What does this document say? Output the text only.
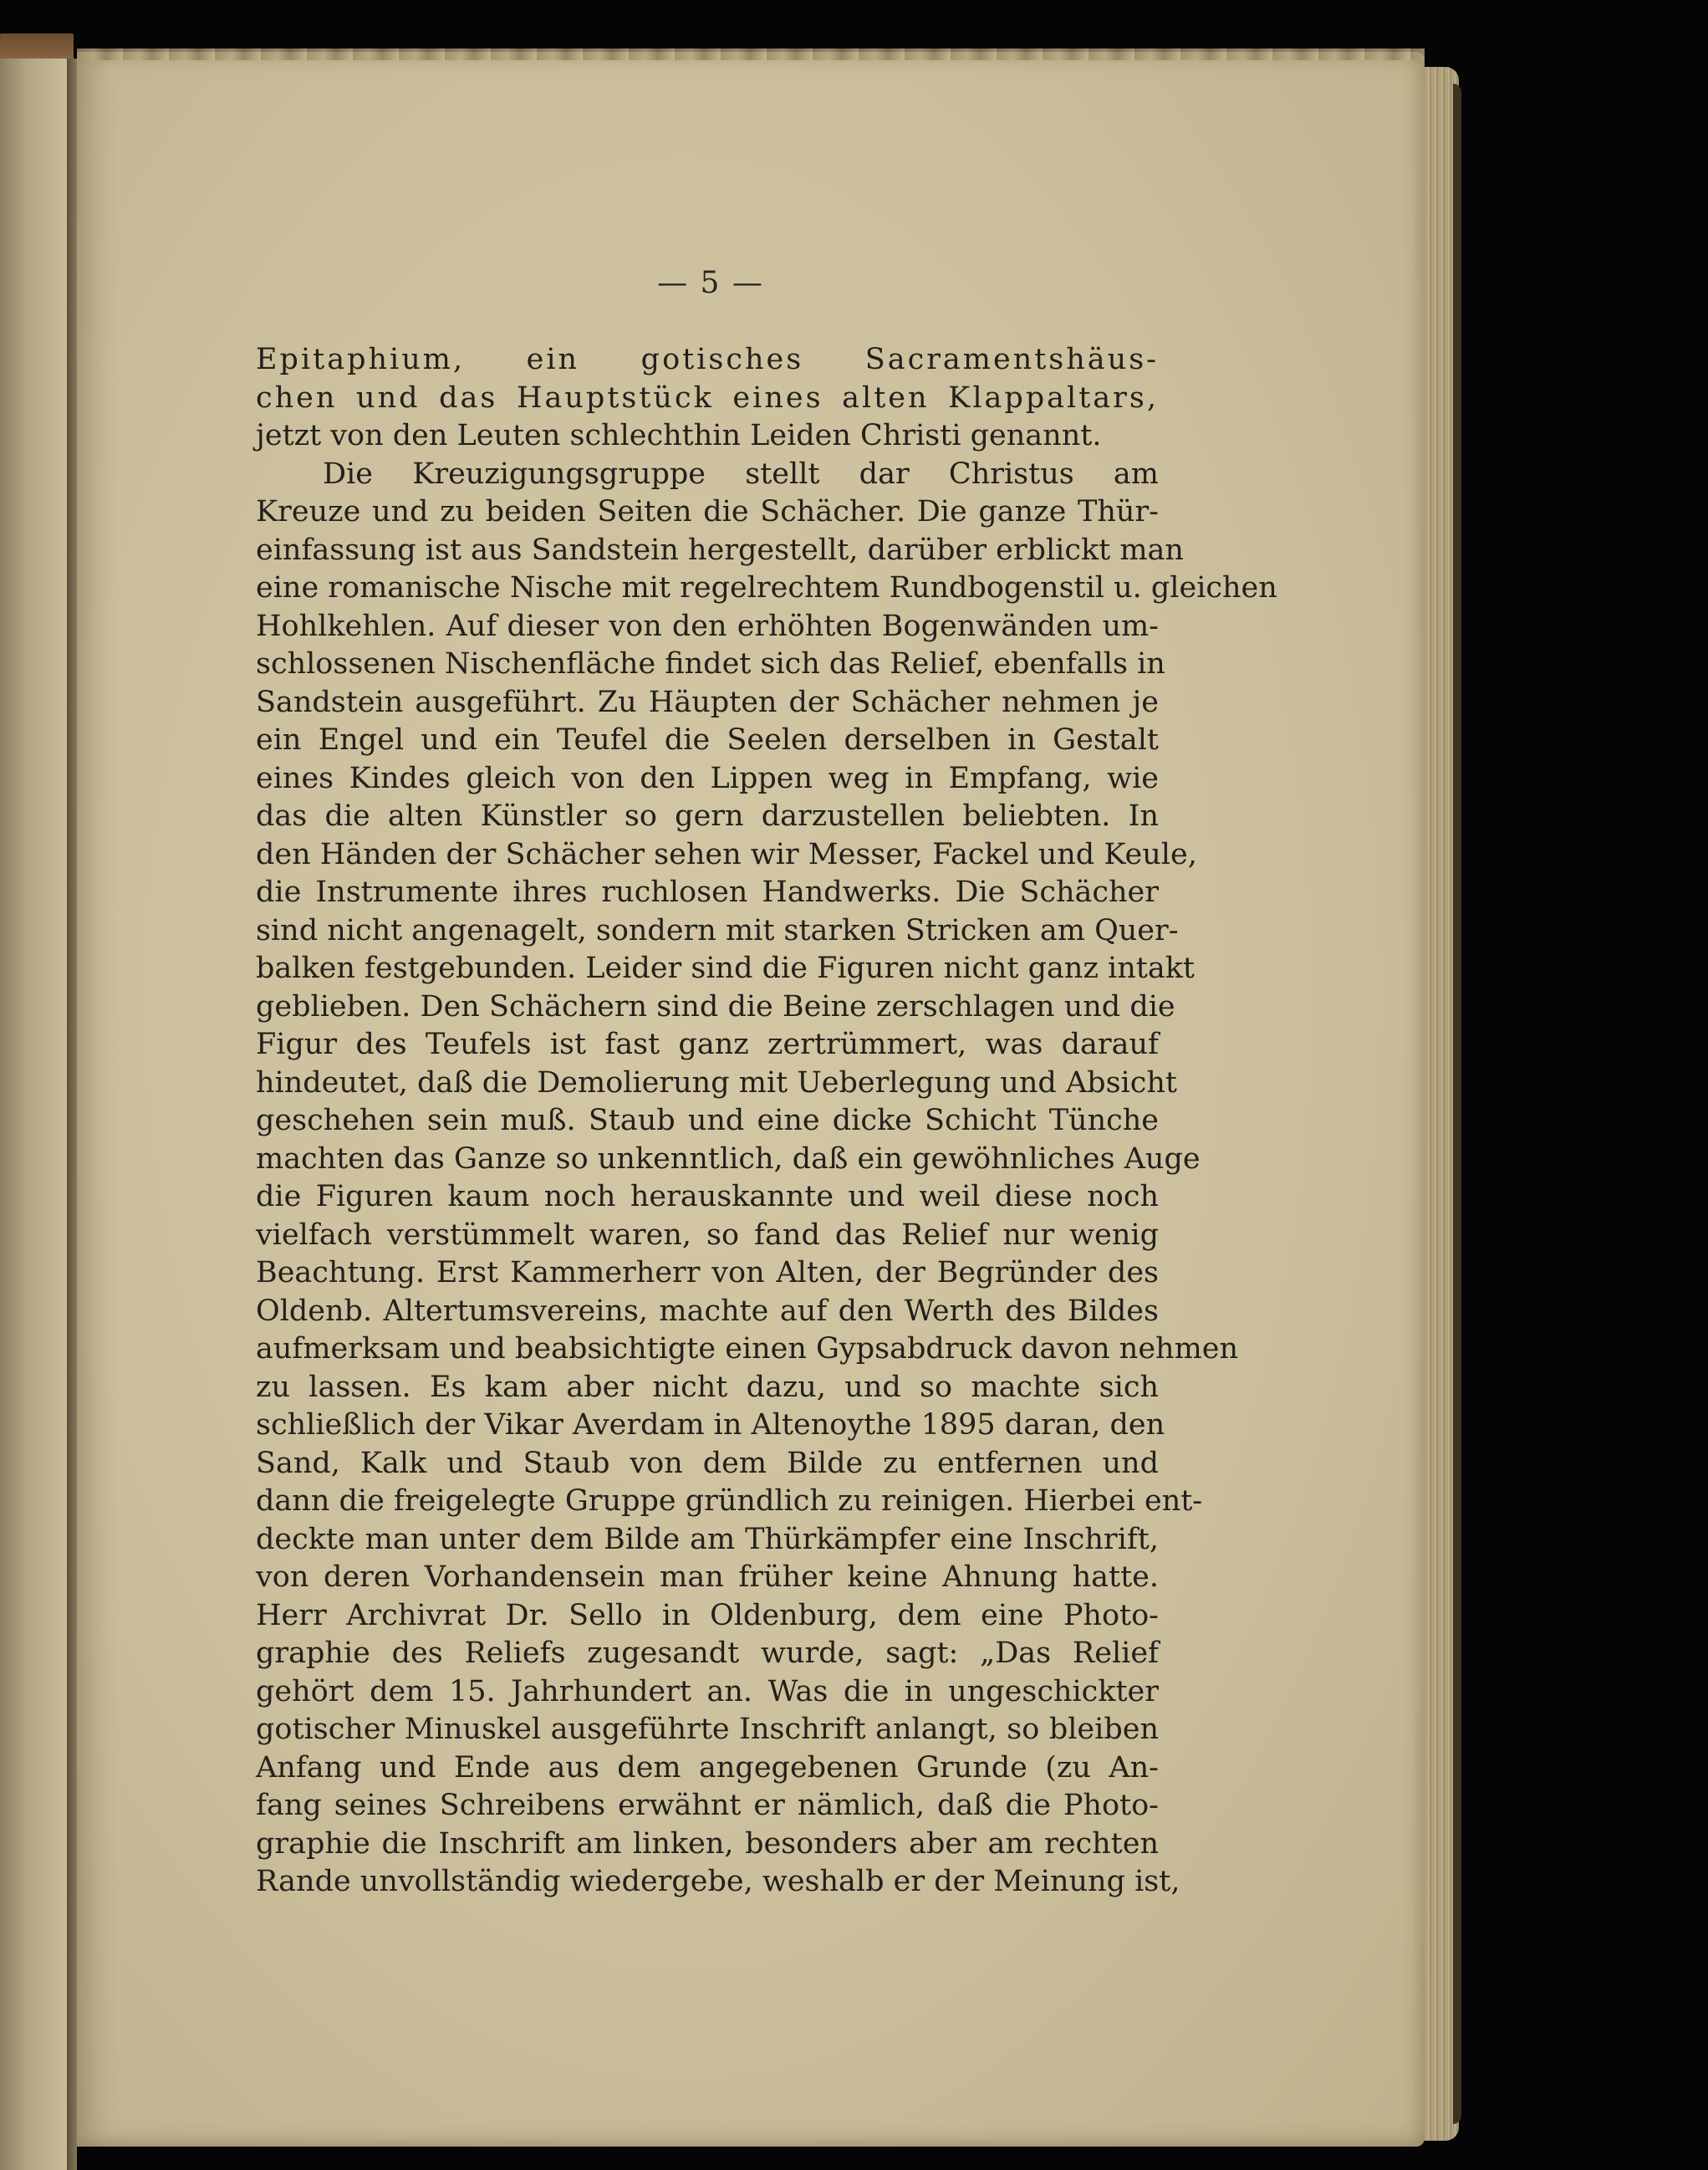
— 5 —
Epitaphium, ein gotisches Sacramentshäus-
chen und das Hauptstück eines alten Klappaltars,
jetzt von den Leuten schlechthin Leiden Christi genannt.
Die Kreuzigungsgruppe stellt dar Christus am
Kreuze und zu beiden Seiten die Schächer. Die ganze Thür-
einfassung ist aus Sandstein hergestellt, darüber erblickt man
eine romanische Nische mit regelrechtem Rundbogenstil u. gleichen
Hohlkehlen. Auf dieser von den erhöhten Bogenwänden um-
schlossenen Nischenfläche findet sich das Relief, ebenfalls in
Sandstein ausgeführt. Zu Häupten der Schächer nehmen je
ein Engel und ein Teufel die Seelen derselben in Gestalt
eines Kindes gleich von den Lippen weg in Empfang, wie
das die alten Künstler so gern darzustellen beliebten. In
den Händen der Schächer sehen wir Messer, Fackel und Keule,
die Instrumente ihres ruchlosen Handwerks. Die Schächer
sind nicht angenagelt, sondern mit starken Stricken am Quer-
balken festgebunden. Leider sind die Figuren nicht ganz intakt
geblieben. Den Schächern sind die Beine zerschlagen und die
Figur des Teufels ist fast ganz zertrümmert, was darauf
hindeutet, daß die Demolierung mit Ueberlegung und Absicht
geschehen sein muß. Staub und eine dicke Schicht Tünche
machten das Ganze so unkenntlich, daß ein gewöhnliches Auge
die Figuren kaum noch herauskannte und weil diese noch
vielfach verstümmelt waren, so fand das Relief nur wenig
Beachtung. Erst Kammerherr von Alten, der Begründer des
Oldenb. Altertumsvereins, machte auf den Werth des Bildes
aufmerksam und beabsichtigte einen Gypsabdruck davon nehmen
zu lassen. Es kam aber nicht dazu, und so machte sich
schließlich der Vikar Averdam in Altenoythe 1895 daran, den
Sand, Kalk und Staub von dem Bilde zu entfernen und
dann die freigelegte Gruppe gründlich zu reinigen. Hierbei ent-
deckte man unter dem Bilde am Thürkämpfer eine Inschrift,
von deren Vorhandensein man früher keine Ahnung hatte.
Herr Archivrat Dr. Sello in Oldenburg, dem eine Photo-
graphie des Reliefs zugesandt wurde, sagt: „Das Relief
gehört dem 15. Jahrhundert an. Was die in ungeschickter
gotischer Minuskel ausgeführte Inschrift anlangt, so bleiben
Anfang und Ende aus dem angegebenen Grunde (zu An-
fang seines Schreibens erwähnt er nämlich, daß die Photo-
graphie die Inschrift am linken, besonders aber am rechten
Rande unvollständig wiedergebe, weshalb er der Meinung ist,
